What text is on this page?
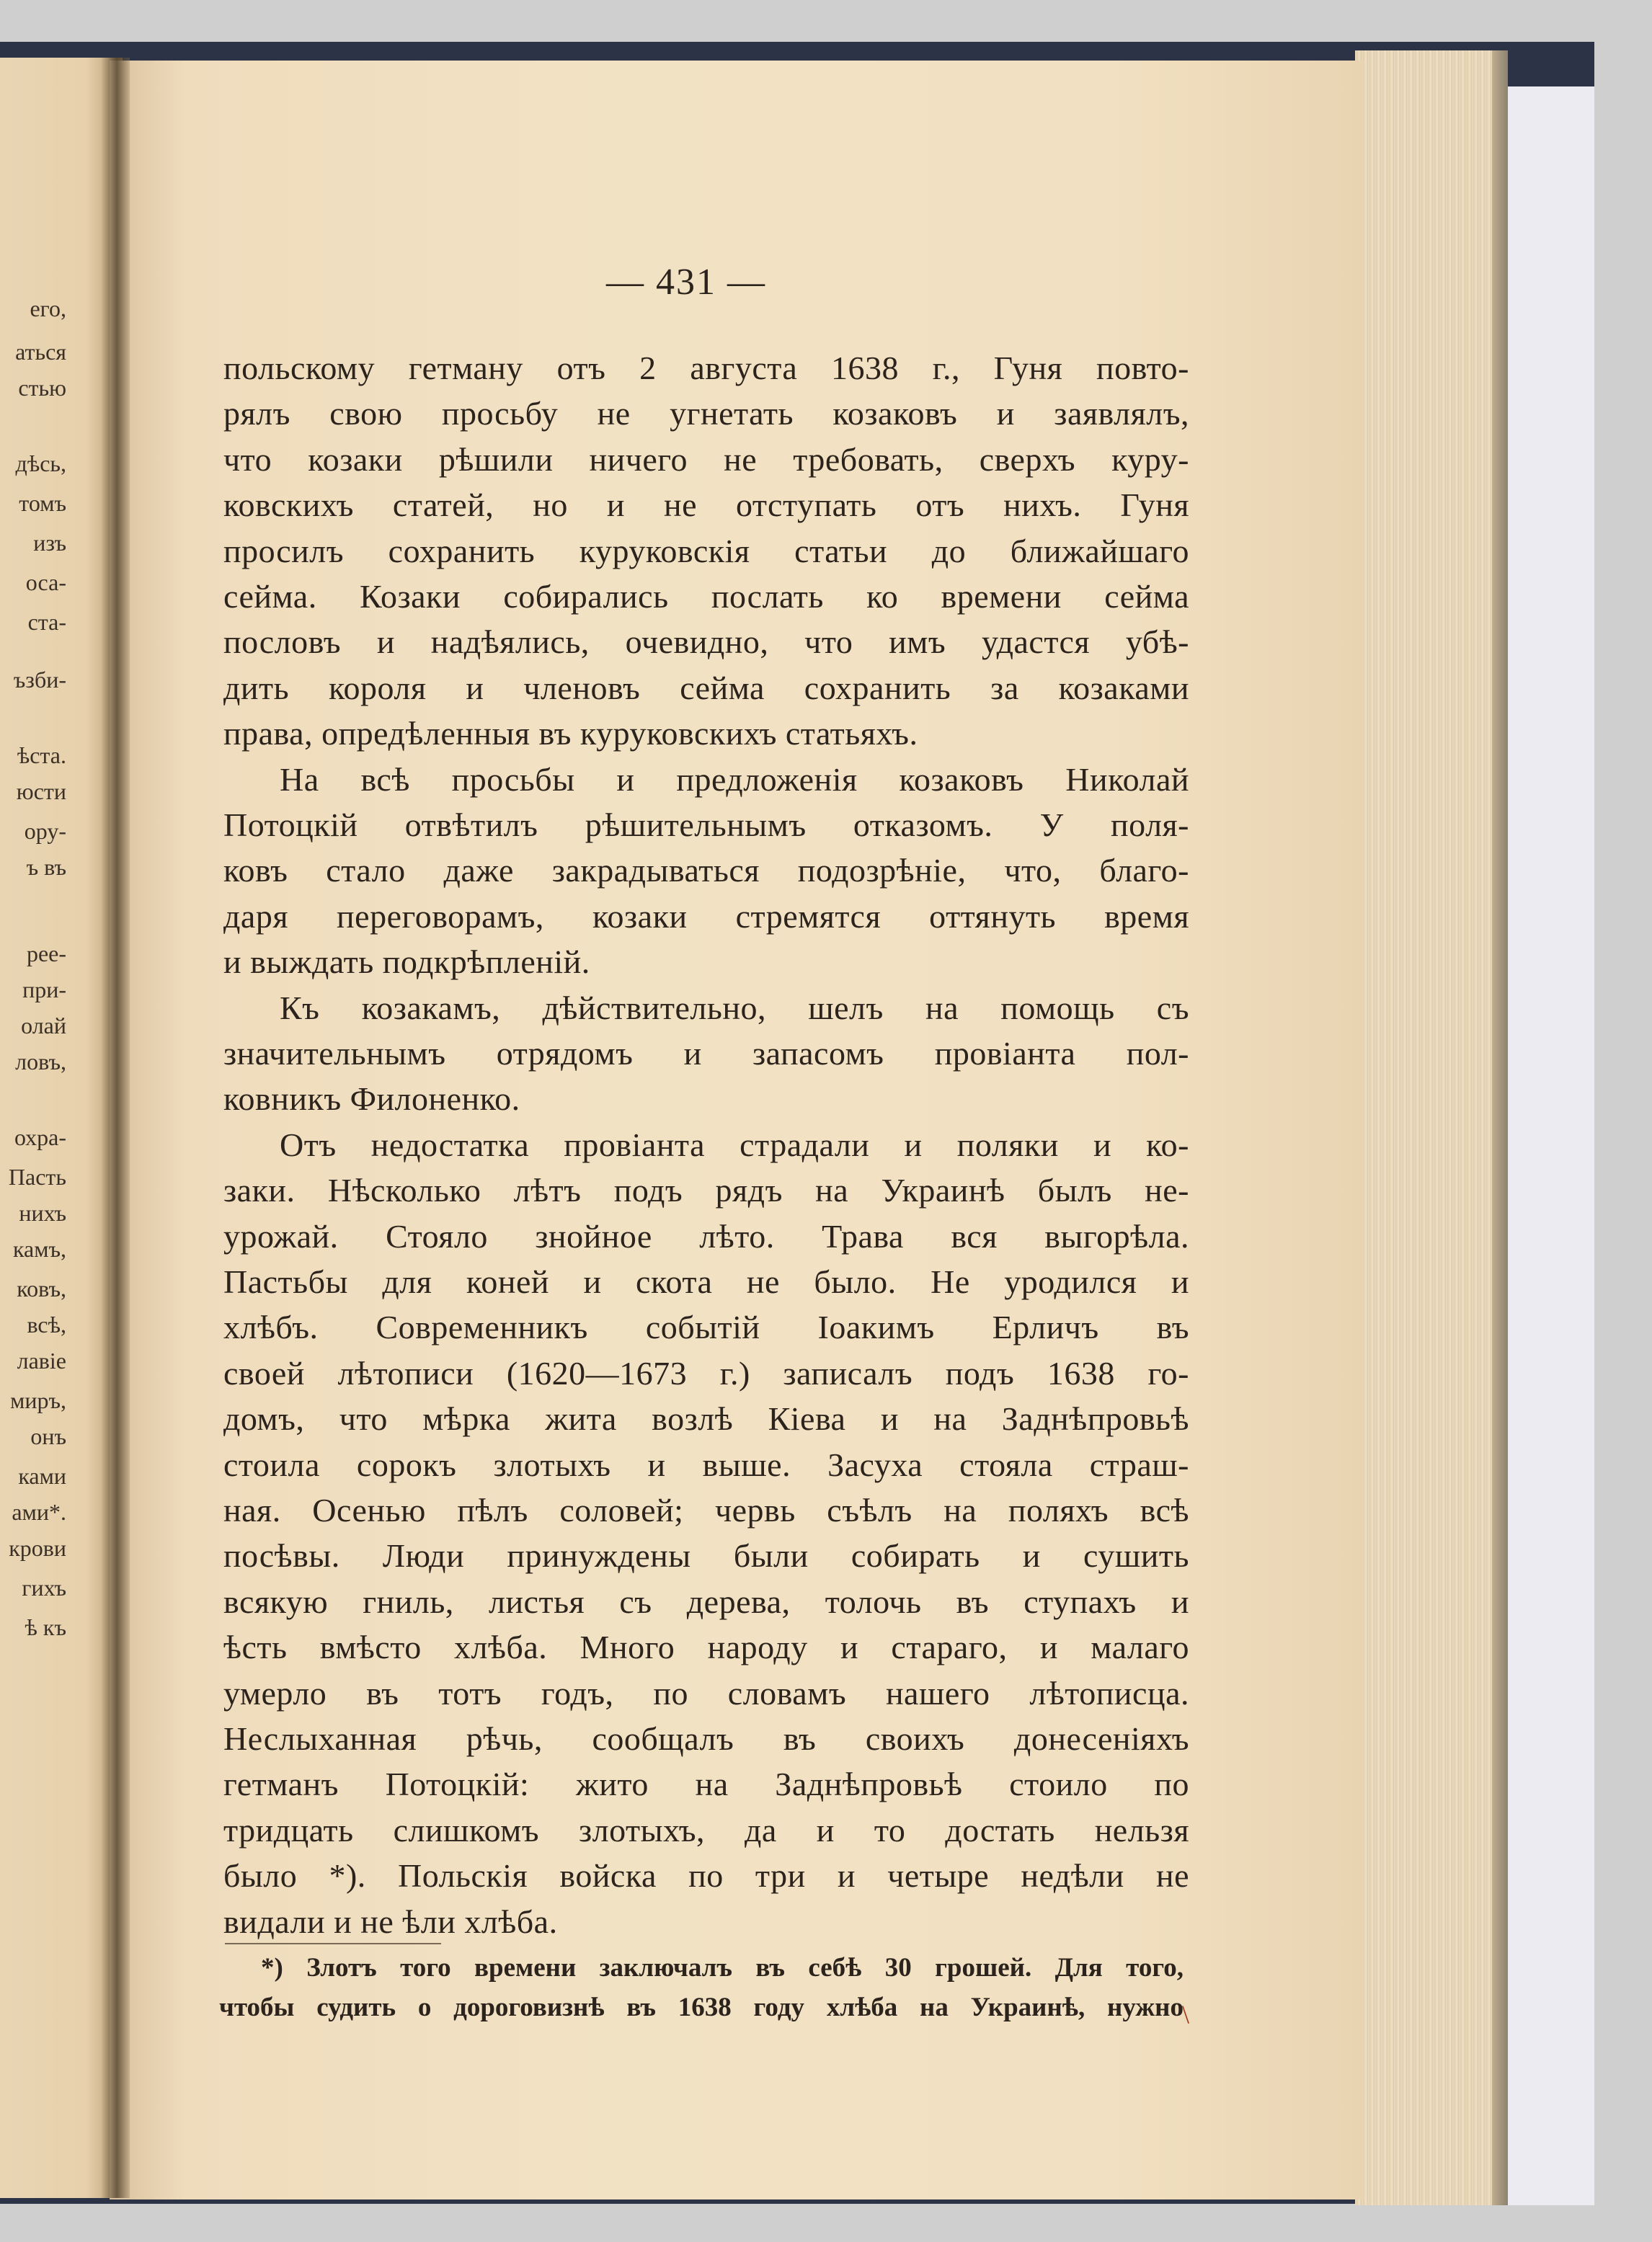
— 431 —
польскому гетману отъ 2 августа 1638 г., Гуня повто-
рялъ свою просьбу не угнетать козаковъ и заявлялъ,
что козаки рѣшили ничего не требовать, сверхъ куру-
ковскихъ статей, но и не отступать отъ нихъ. Гуня
просилъ сохранить куруковскія статьи до ближайшаго
сейма. Козаки собирались послать ко времени сейма
пословъ и надѣялись, очевидно, что имъ удастся убѣ-
дить короля и членовъ сейма сохранить за козаками
права, опредѣленныя въ куруковскихъ статьяхъ.
На всѣ просьбы и предложенія козаковъ Николай
Потоцкій отвѣтилъ рѣшительнымъ отказомъ. У поля-
ковъ стало даже закрадываться подозрѣніе, что, благо-
даря переговорамъ, козаки стремятся оттянуть время
и выждать подкрѣпленій.
Къ козакамъ, дѣйствительно, шелъ на помощь съ
значительнымъ отрядомъ и запасомъ провіанта пол-
ковникъ Филоненко.
Отъ недостатка провіанта страдали и поляки и ко-
заки. Нѣсколько лѣтъ подъ рядъ на Украинѣ былъ не-
урожай. Стояло знойное лѣто. Трава вся выгорѣла.
Пастьбы для коней и скота не было. Не уродился и
хлѣбъ. Современникъ событій Іоакимъ Ерличъ въ
своей лѣтописи (1620—1673 г.) записалъ подъ 1638 го-
домъ, что мѣрка жита возлѣ Кіева и на Заднѣпровьѣ
стоила сорокъ злотыхъ и выше. Засуха стояла страш-
ная. Осенью пѣлъ соловей; червь съѣлъ на поляхъ всѣ
посѣвы. Люди принуждены были собирать и сушить
всякую гниль, листья съ дерева, толочь въ ступахъ и
ѣсть вмѣсто хлѣба. Много народу и стараго, и малаго
умерло въ тотъ годъ, по словамъ нашего лѣтописца.
Неслыханная рѣчь, сообщалъ въ своихъ донесеніяхъ
гетманъ Потоцкій: жито на Заднѣпровьѣ стоило по
тридцать слишкомъ злотыхъ, да и то достать нельзя
было *). Польскія войска по три и четыре недѣли не
видали и не ѣли хлѣба.
*) Злотъ того времени заключалъ въ себѣ 30 грошей. Для того,
чтобы судить о дороговизнѣ въ 1638 году хлѣба на Украинѣ, нужно
\
его,
аться
стью
дѣсь,
томъ
изъ
оса-
ста-
ъзби-
ѣста.
юсти
ору-
ъ въ
рее-
при-
олай
ловъ,
охра-
Пасть
нихъ
камъ,
ковъ,
всѣ,
лавіе
миръ,
онъ
ками
ами*.
крови
гихъ
ѣ къ
